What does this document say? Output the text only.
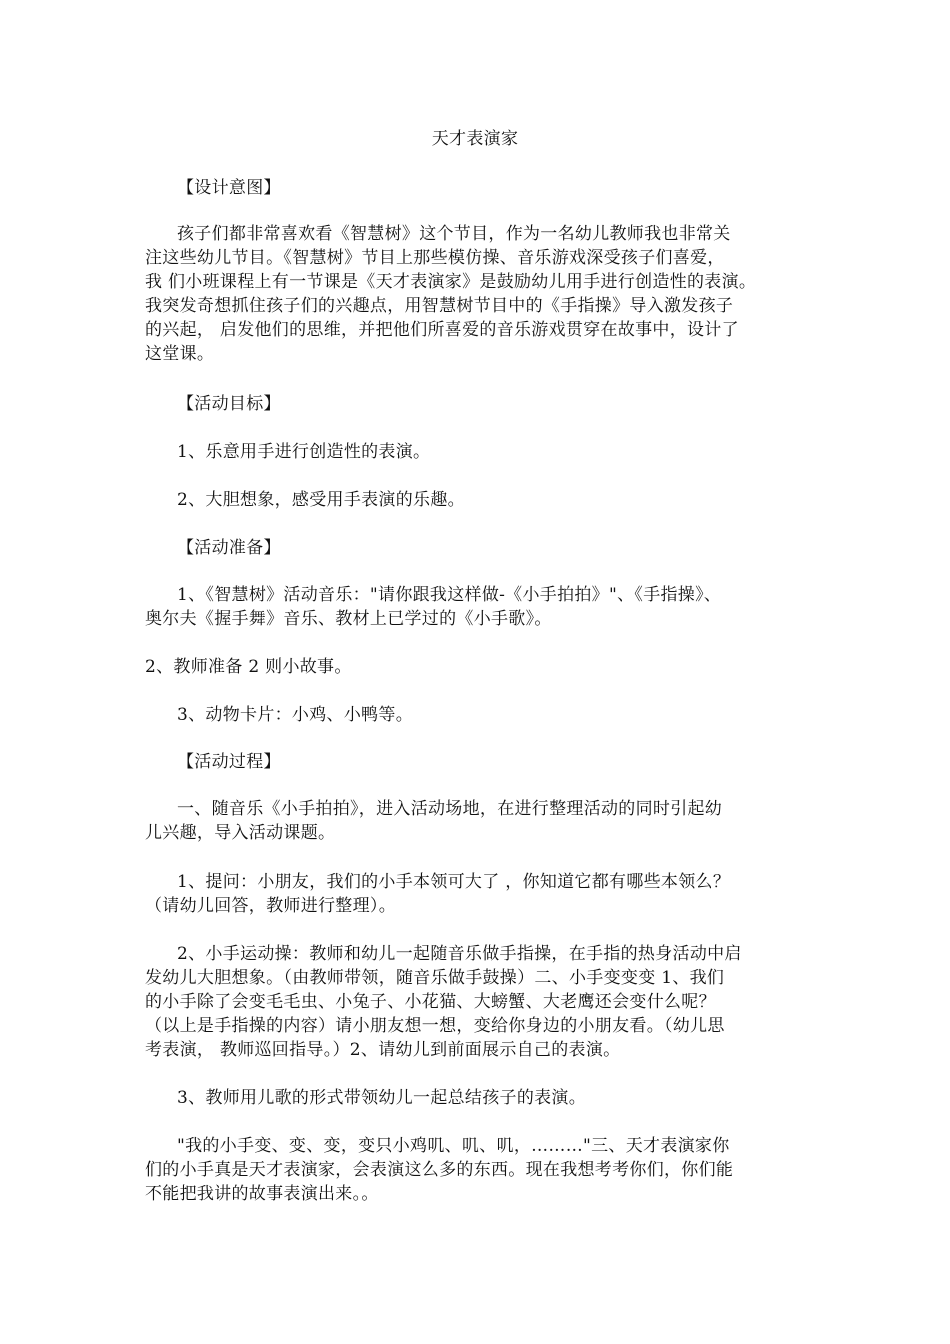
天才表演家
【设计意图】
孩子们都非常喜欢看《智慧树》这个节目，作为一名幼儿教师我也非常关
注这些幼儿节目。《智慧树》节目上那些模仿操、音乐游戏深受孩子们喜爱，
我 们小班课程上有一节课是《天才表演家》是鼓励幼儿用手进行创造性的表演。
我突发奇想抓住孩子们的兴趣点，用智慧树节目中的《手指操》导入激发孩子
的兴起， 启发他们的思维，并把他们所喜爱的音乐游戏贯穿在故事中，设计了
这堂课。
【活动目标】
1、乐意用手进行创造性的表演。
2、大胆想象，感受用手表演的乐趣。
【活动准备】
1、《智慧树》活动音乐："请你跟我这样做-《小手拍拍》"、《手指操》、
奥尔夫《握手舞》音乐、教材上已学过的《小手歌》。
2、教师准备 2 则小故事。
3、动物卡片：小鸡、小鸭等。
【活动过程】
一、随音乐《小手拍拍》，进入活动场地，在进行整理活动的同时引起幼
儿兴趣，导入活动课题。
1、提问：小朋友，我们的小手本领可大了 ，你知道它都有哪些本领么？
（请幼儿回答，教师进行整理）。
2、小手运动操：教师和幼儿一起随音乐做手指操，在手指的热身活动中启
发幼儿大胆想象。（由教师带领，随音乐做手鼓操）二、小手变变变 1、我们
的小手除了会变毛毛虫、小兔子、小花猫、大螃蟹、大老鹰还会变什么呢？
（以上是手指操的内容）请小朋友想一想，变给你身边的小朋友看。（幼儿思
考表演， 教师巡回指导。）2、请幼儿到前面展示自己的表演。
3、教师用儿歌的形式带领幼儿一起总结孩子的表演。
"我的小手变、变、变，变只小鸡叽、叽、叽，………"三、天才表演家你
们的小手真是天才表演家，会表演这么多的东西。现在我想考考你们，你们能
不能把我讲的故事表演出来。。
